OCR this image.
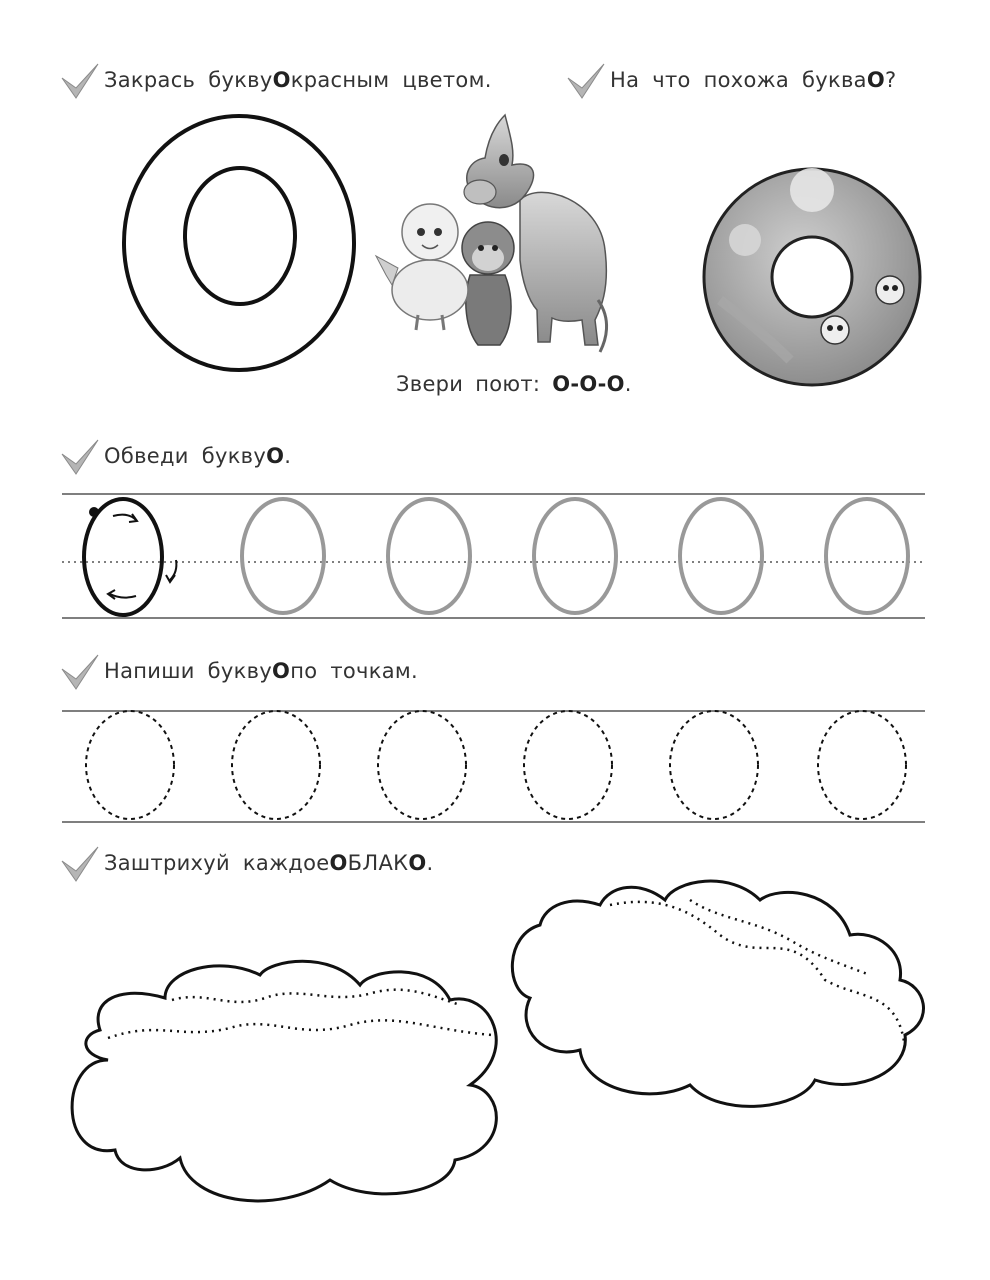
Закрась букву О красным цветом.	На что похожа буква О ?
Звери поют: О-О-О.
Обведи букву О .
Напиши букву О по точкам.
Заштрихуй каждое О БЛАК О .
